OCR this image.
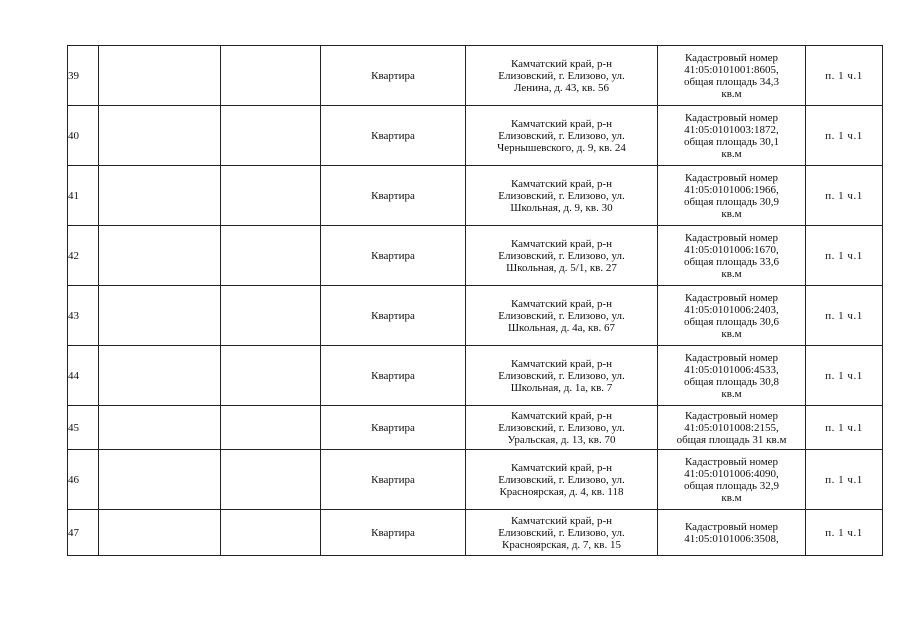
39			Квартира	Камчатский край, р-н
Елизовский, г. Елизово, ул.
Ленина, д. 43, кв. 56	Кадастровый номер
41:05:0101001:8605,
общая площадь 34,3
кв.м	п. 1 ч.1
40			Квартира	Камчатский край, р-н
Елизовский, г. Елизово, ул.
Чернышевского, д. 9, кв. 24	Кадастровый номер
41:05:0101003:1872,
общая площадь 30,1
кв.м	п. 1 ч.1
41			Квартира	Камчатский край, р-н
Елизовский, г. Елизово, ул.
Школьная, д. 9, кв. 30	Кадастровый номер
41:05:0101006:1966,
общая площадь 30,9
кв.м	п. 1 ч.1
42			Квартира	Камчатский край, р-н
Елизовский, г. Елизово, ул.
Школьная, д. 5/1, кв. 27	Кадастровый номер
41:05:0101006:1670,
общая площадь 33,6
кв.м	п. 1 ч.1
43			Квартира	Камчатский край, р-н
Елизовский, г. Елизово, ул.
Школьная, д. 4а, кв. 67	Кадастровый номер
41:05:0101006:2403,
общая площадь 30,6
кв.м	п. 1 ч.1
44			Квартира	Камчатский край, р-н
Елизовский, г. Елизово, ул.
Школьная, д. 1а, кв. 7	Кадастровый номер
41:05:0101006:4533,
общая площадь 30,8
кв.м	п. 1 ч.1
45			Квартира	Камчатский край, р-н
Елизовский, г. Елизово, ул.
Уральская, д. 13, кв. 70	Кадастровый номер
41:05:0101008:2155,
общая площадь 31 кв.м	п. 1 ч.1
46			Квартира	Камчатский край, р-н
Елизовский, г. Елизово, ул.
Красноярская, д. 4, кв. 118	Кадастровый номер
41:05:0101006:4090,
общая площадь 32,9
кв.м	п. 1 ч.1
47			Квартира	Камчатский край, р-н
Елизовский, г. Елизово, ул.
Красноярская, д. 7, кв. 15	Кадастровый номер
41:05:0101006:3508,	п. 1 ч.1
